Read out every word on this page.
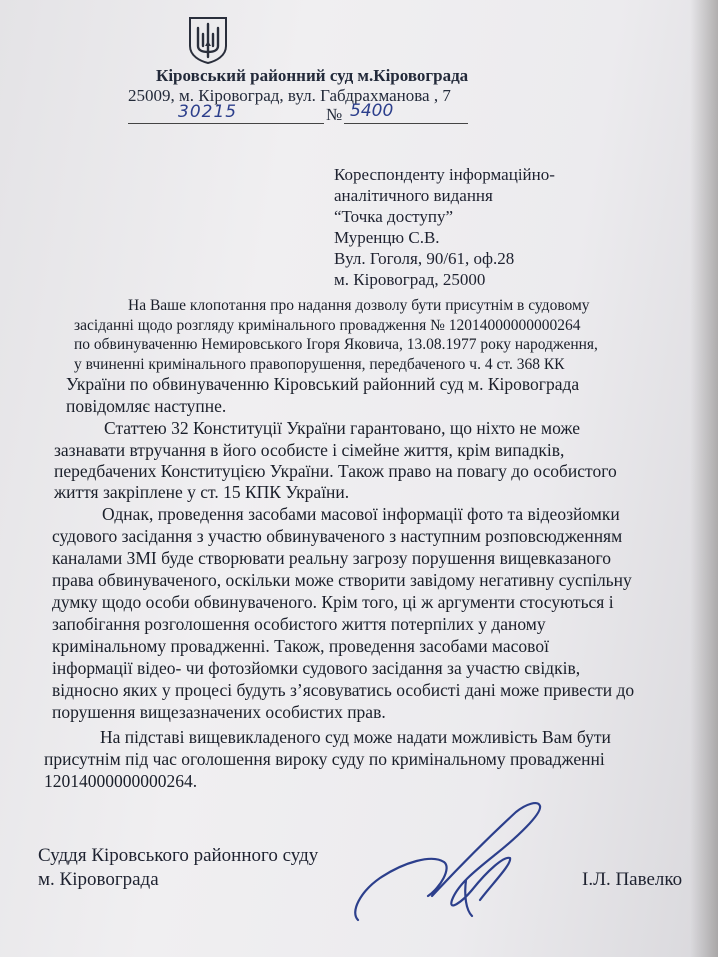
Кіровський районний суд м.Кіровограда
25009, м. Кіровоград, вул. Габдрахманова , 7
30215	№ 5400
Кореспонденту інформаційно-
аналітичного видання
“Точка доступу”
Муренцю С.В.
Вул. Гоголя, 90/61, оф.28
м. Кіровоград, 25000
На Ваше клопотання про надання дозволу бути присутнім в судовому
засіданні щодо розгляду кримінального провадження № 12014000000000264
по обвинуваченню Немировського Ігоря Яковича, 13.08.1977 року народження,
у вчиненні кримінального правопорушення, передбаченого ч. 4 ст. 368 КК
України по обвинуваченню Кіровський районний суд м. Кіровограда
повідомляє наступне.
Статтею 32 Конституції України гарантовано, що ніхто не може
зазнавати втручання в його особисте і сімейне життя, крім випадків,
передбачених Конституцією України. Також право на повагу до особистого
життя закріплене у ст. 15 КПК України.
Однак, проведення засобами масової інформації фото та відеозйомки
судового засідання з участю обвинуваченого з наступним розповсюдженням
каналами ЗМІ буде створювати реальну загрозу порушення вищевказаного
права обвинуваченого, оскільки може створити завідому негативну суспільну
думку щодо особи обвинуваченого. Крім того, ці ж аргументи стосуються і
запобігання розголошення особистого життя потерпілих у даному
кримінальному провадженні. Також, проведення засобами масової
інформації відео- чи фотозйомки судового засідання за участю свідків,
відносно яких у процесі будуть з’ясовуватись особисті дані може привести до
порушення вищезазначених особистих прав.
На підставі вищевикладеного суд може надати можливість Вам бути
присутнім під час оголошення вироку суду по кримінальному провадженні
12014000000000264.
Суддя Кіровського районного суду
м. Кіровограда	І.Л. Павелко
